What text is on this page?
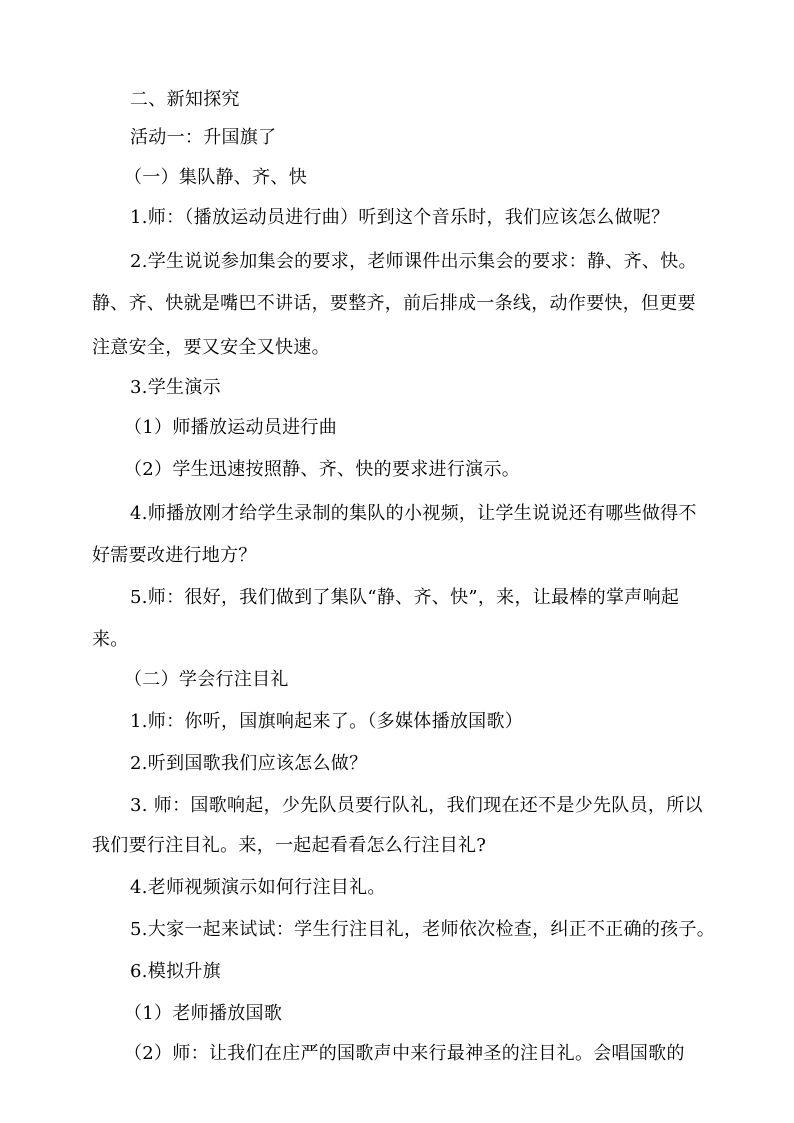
二、新知探究
活动一：升国旗了
（一）集队静、齐、快
1.师：（播放运动员进行曲）听到这个音乐时，我们应该怎么做呢？
2.学生说说参加集会的要求，老师课件出示集会的要求：静、齐、快。
静、齐、快就是嘴巴不讲话，要整齐，前后排成一条线，动作要快，但更要
注意安全，要又安全又快速。
3.学生演示
（1）师播放运动员进行曲
（2）学生迅速按照静、齐、快的要求进行演示。
4.师播放刚才给学生录制的集队的小视频，让学生说说还有哪些做得不
好需要改进行地方？
5.师：很好，我们做到了集队“静、齐、快”，来，让最棒的掌声响起
来。
（二）学会行注目礼
1.师：你听，国旗响起来了。（多媒体播放国歌）
2.听到国歌我们应该怎么做？
3. 师：国歌响起，少先队员要行队礼，我们现在还不是少先队员，所以
我们要行注目礼。来，一起起看看怎么行注目礼?
4.老师视频演示如何行注目礼。
5.大家一起来试试：学生行注目礼，老师依次检查，纠正不正确的孩子。
6.模拟升旗
（1）老师播放国歌
（2）师：让我们在庄严的国歌声中来行最神圣的注目礼。会唱国歌的
